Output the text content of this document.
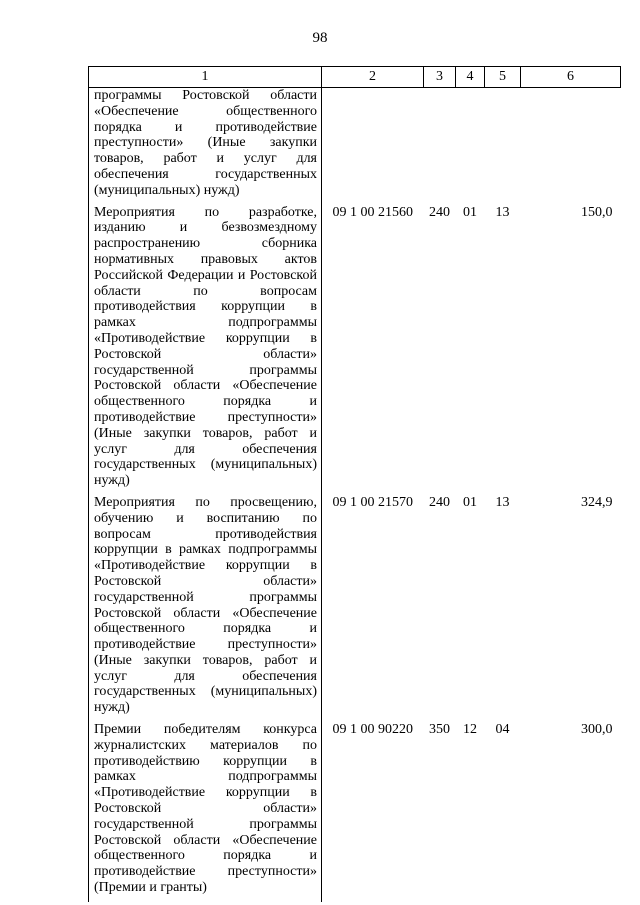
98
1	2	3	4	5	6
программы Ростовской области «Обеспечение общественного порядка и противодействие преступности» (Иные закупки товаров, работ и услуг для обеспечения государственных (муниципальных) нужд)					
Мероприятия по разработке, изданию и безвозмездному распространению сборника нормативных правовых актов Российской Федерации и Ростовской области по вопросам противодействия коррупции в рамках подпрограммы «Противодействие коррупции в Ростовской области» государственной программы Ростовской области «Обеспечение общественного порядка и противодействие преступности» (Иные закупки товаров, работ и услуг для обеспечения государственных (муниципальных) нужд)	09 1 00 21560	240	01	13	150,0
Мероприятия по просвещению, обучению и воспитанию по вопросам противодействия коррупции в рамках подпрограммы «Противодействие коррупции в Ростовской области» государственной программы Ростовской области «Обеспечение общественного порядка и противодействие преступности» (Иные закупки товаров, работ и услуг для обеспечения государственных (муниципальных) нужд)	09 1 00 21570	240	01	13	324,9
Премии победителям конкурса журналистских материалов по противодействию коррупции в рамках подпрограммы «Противодействие коррупции в Ростовской области» государственной программы Ростовской области «Обеспечение общественного порядка и противодействие преступности» (Премии и гранты)	09 1 00 90220	350	12	04	300,0
